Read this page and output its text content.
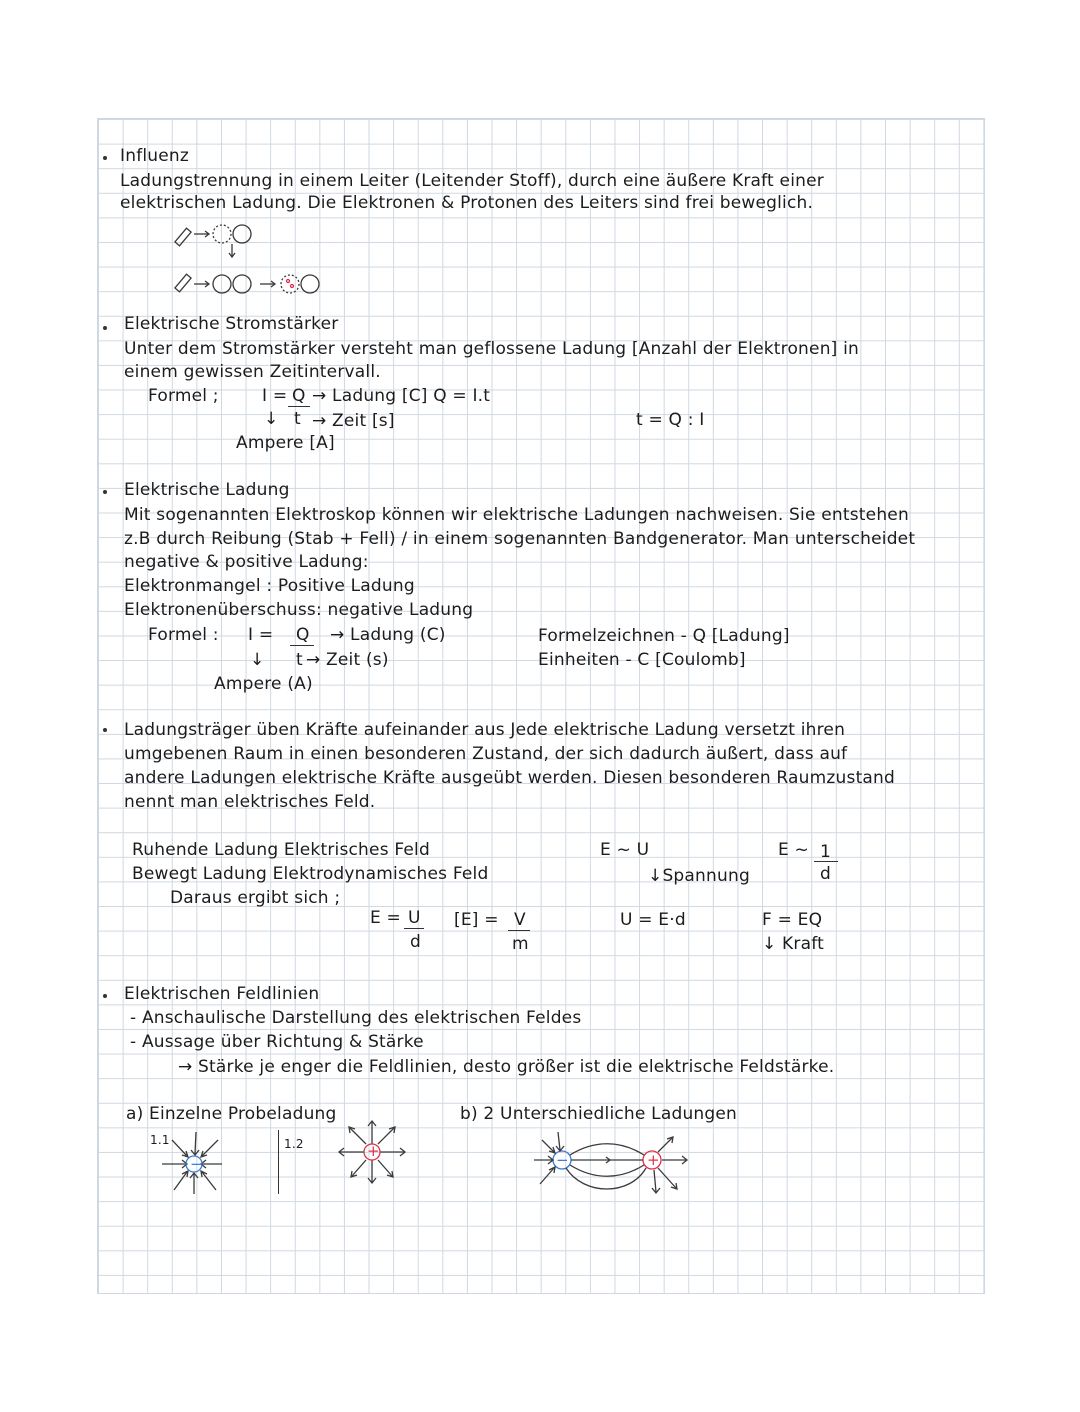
Influenz
Ladungstrennung in einem Leiter (Leitender Stoff), durch eine äußere Kraft einer
elektrischen Ladung. Die Elektronen & Protonen des Leiters sind frei beweglich.
Elektrische Stromstärker
Unter dem Stromstärker versteht man geflossene Ladung [Anzahl der Elektronen] in
einem gewissen Zeitintervall.
Formel ;	I = Q
t
↓
→ Ladung [C] Q = I.t
→ Zeit [s]
Ampere [A]
t = Q : I
Elektrische Ladung
Mit sogenannten Elektroskop können wir elektrische Ladungen nachweisen. Sie entstehen
z.B durch Reibung (Stab + Fell) / in einem sogenannten Bandgenerator. Man unterscheidet
negative & positive Ladung:
Elektronmangel : Positive Ladung
Elektronenüberschuss: negative Ladung
Formel : I = Q
t
↓
→ Ladung (C)
→ Zeit (s)
Ampere (A)
Formelzeichnen - Q [Ladung]
Einheiten - C [Coulomb]
Ladungsträger üben Kräfte aufeinander aus Jede elektrische Ladung versetzt ihren
umgebenen Raum in einen besonderen Zustand, der sich dadurch äußert, dass auf
andere Ladungen elektrische Kräfte ausgeübt werden. Diesen besonderen Raumzustand
nennt man elektrisches Feld.
Ruhende Ladung Elektrisches Feld
Bewegt Ladung Elektrodynamisches Feld
Daraus ergibt sich ;
E = U
d
[E] = V
m
E ~ U
↓Spannung
U = E·d
E ~ 1
d
F = EQ
↓ Kraft
Elektrischen Feldlinien
- Anschaulische Darstellung des elektrischen Feldes
- Aussage über Richtung & Stärke
→ Stärke je enger die Feldlinien, desto größer ist die elektrische Feldstärke.
a) Einzelne Probeladung	b) 2 Unterschiedliche Ladungen
1.1	1.2
−
+	−	+
